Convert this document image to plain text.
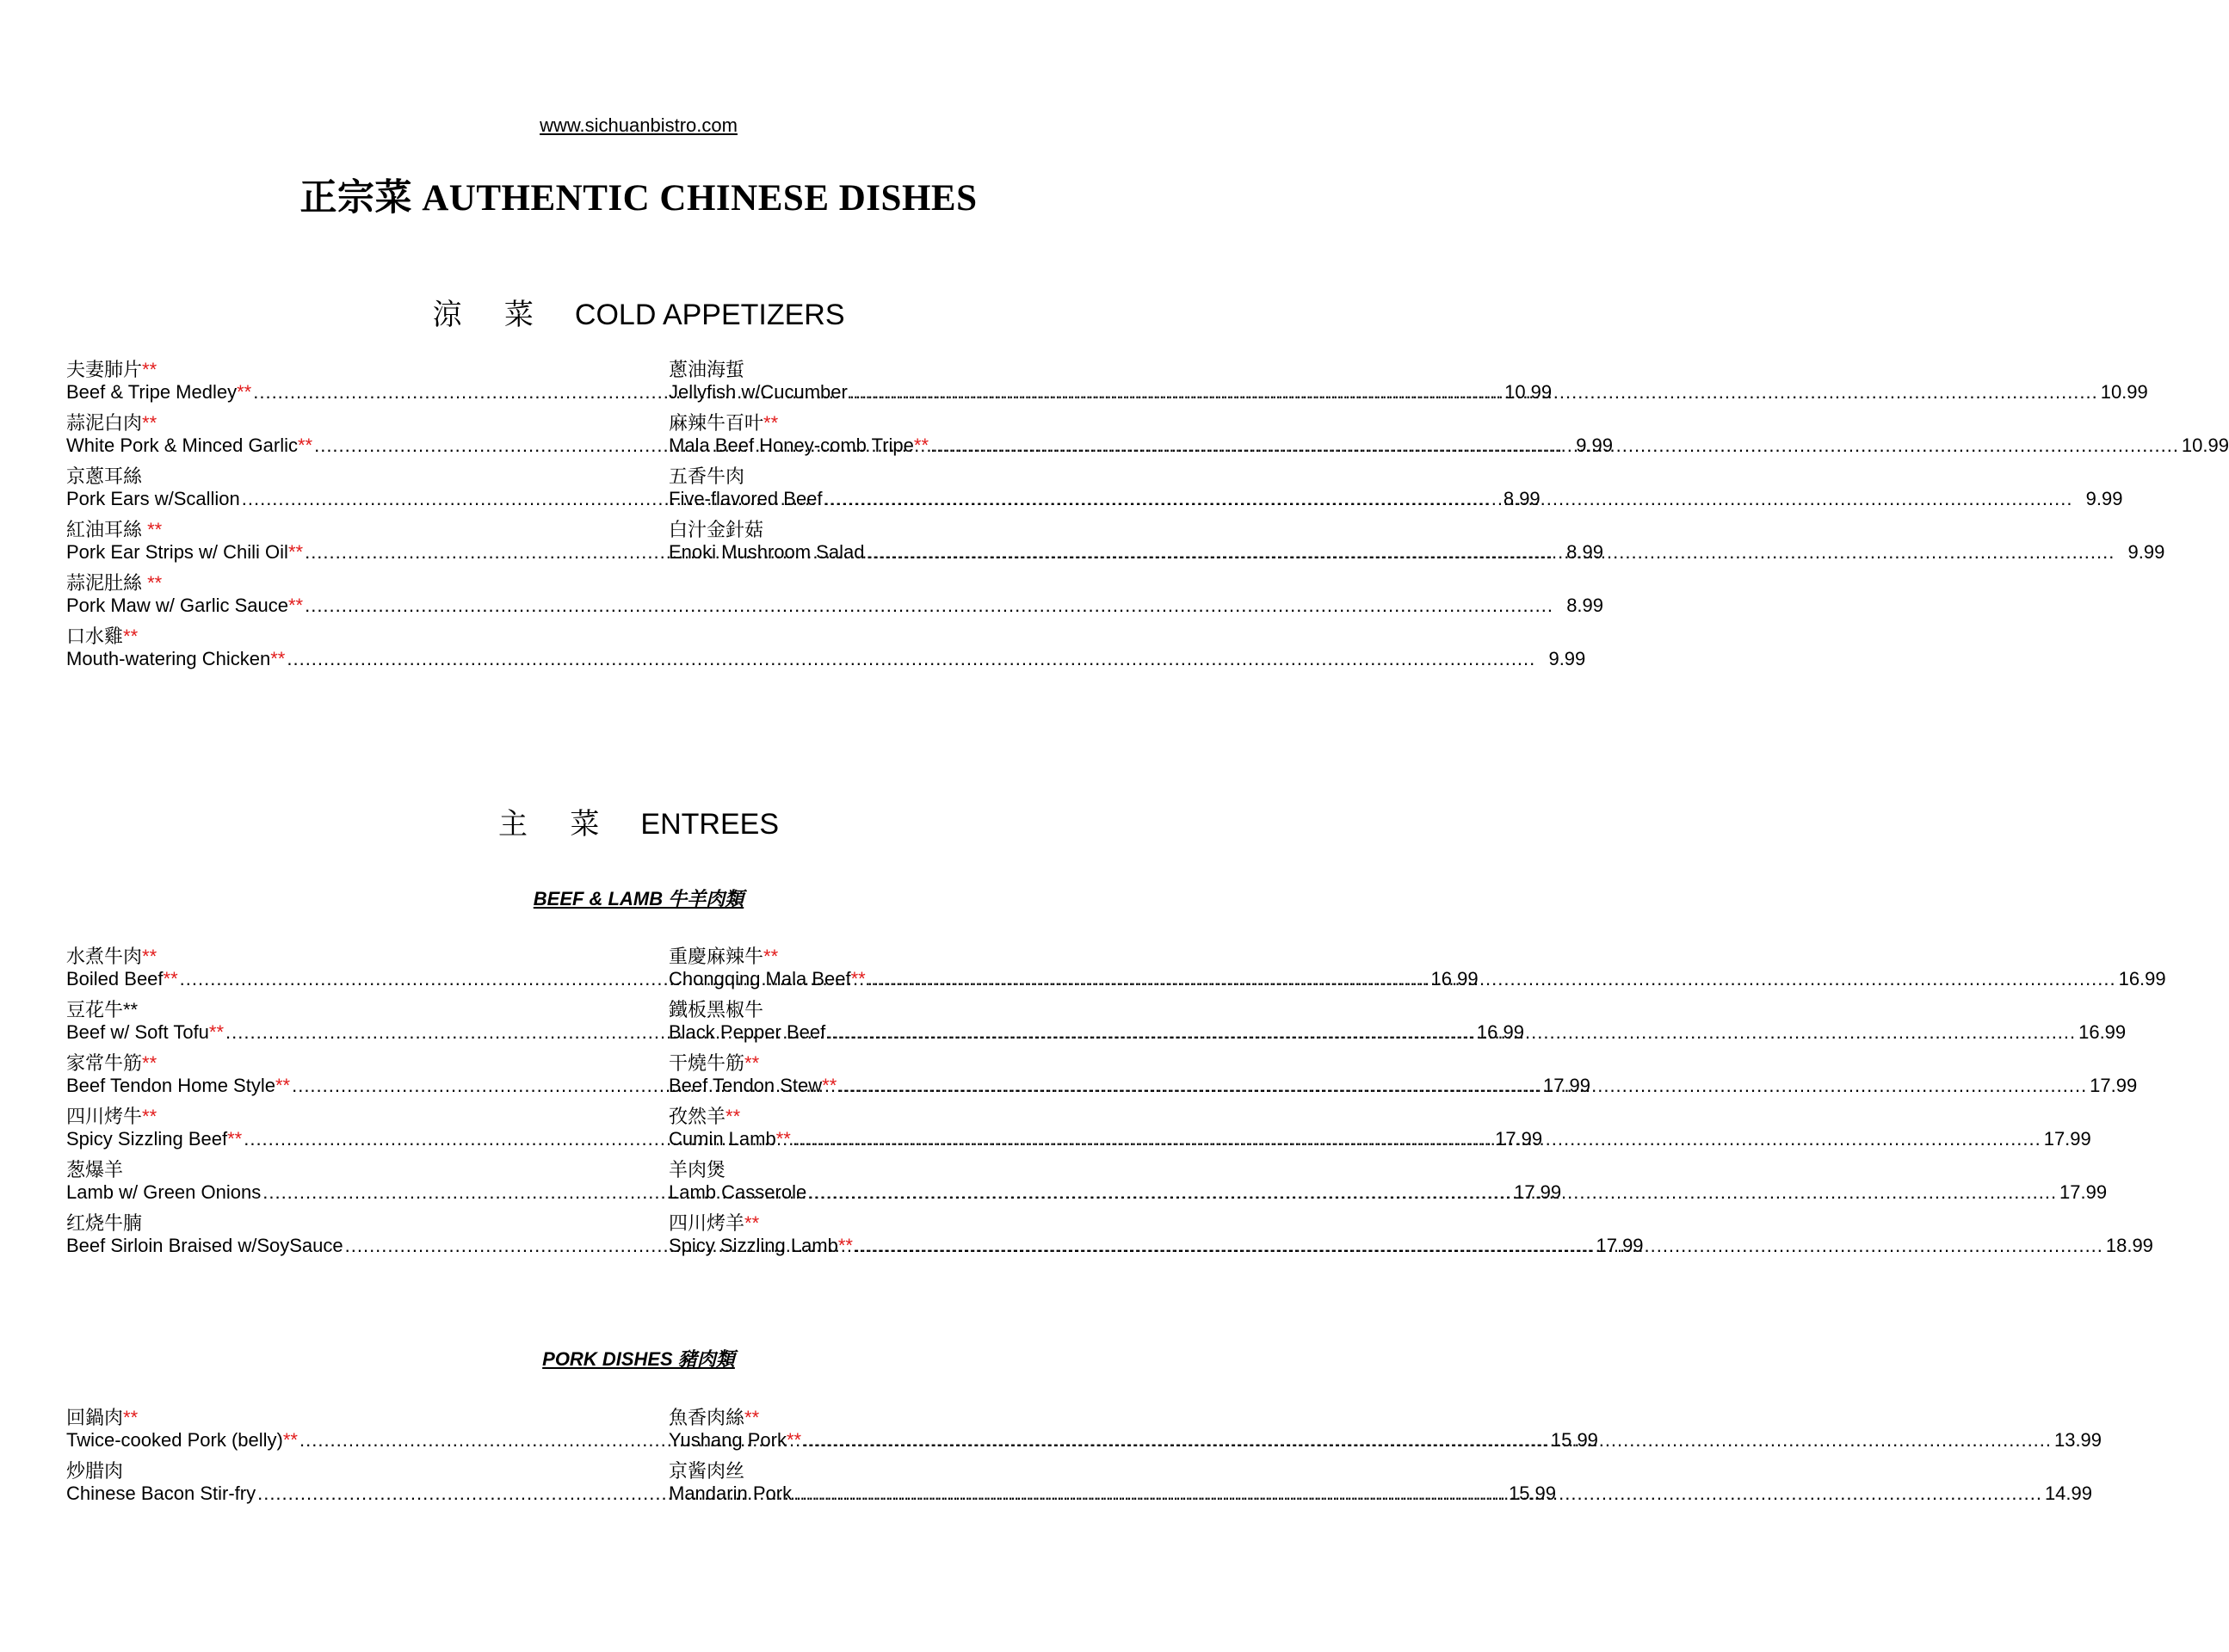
www.sichuanbistro.com
正宗菜 AUTHENTIC CHINESE DISHES
涼 菜 COLD APPETIZERS
夫妻肺片**
Beef & Tripe Medley** .....	10.99
蒜泥白肉**
White Pork & Minced Garlic** .....	9.99
京蔥耳絲
Pork Ears w/Scallion .....	8.99
紅油耳絲 **
Pork Ear Strips w/ Chili Oil** .....	8.99
蒜泥肚絲 **
Pork Maw w/ Garlic Sauce** .....	8.99
口水雞**
Mouth-watering Chicken** .....	9.99
蔥油海蜇
Jellyfish w/Cucumber .....	10.99
麻辣牛百叶**
Mala Beef Honey-comb Tripe** .....	10.99
五香牛肉
Five-flavored Beef .....	9.99
白汁金針菇
Enoki Mushroom Salad .....	9.99
主 菜 ENTREES
BEEF & LAMB 牛羊肉類
水煮牛肉**
Boiled Beef** .....	16.99
豆花牛**
Beef w/ Soft Tofu** .....	16.99
家常牛筋**
Beef Tendon Home Style** .....	17.99
四川烤牛**
Spicy Sizzling Beef** .....	17.99
葱爆羊
Lamb w/ Green Onions .....	17.99
红烧牛腩
Beef Sirloin Braised w/SoySauce .....	17.99
重慶麻辣牛**
Chongqing Mala Beef** .....	16.99
鐵板黑椒牛
Black Pepper Beef .....	16.99
干燒牛筋**
Beef Tendon Stew** .....	17.99
孜然羊**
Cumin Lamb** .....	17.99
羊肉煲
Lamb Casserole .....	17.99
四川烤羊**
Spicy Sizzling Lamb** .....	18.99
PORK DISHES 豬肉類
回鍋肉**
Twice-cooked Pork (belly)** .....	15.99
炒腊肉
Chinese Bacon Stir-fry .....	15.99
魚香肉絲**
Yushang Pork** .....	13.99
京酱肉丝
Mandarin Pork .....	14.99
